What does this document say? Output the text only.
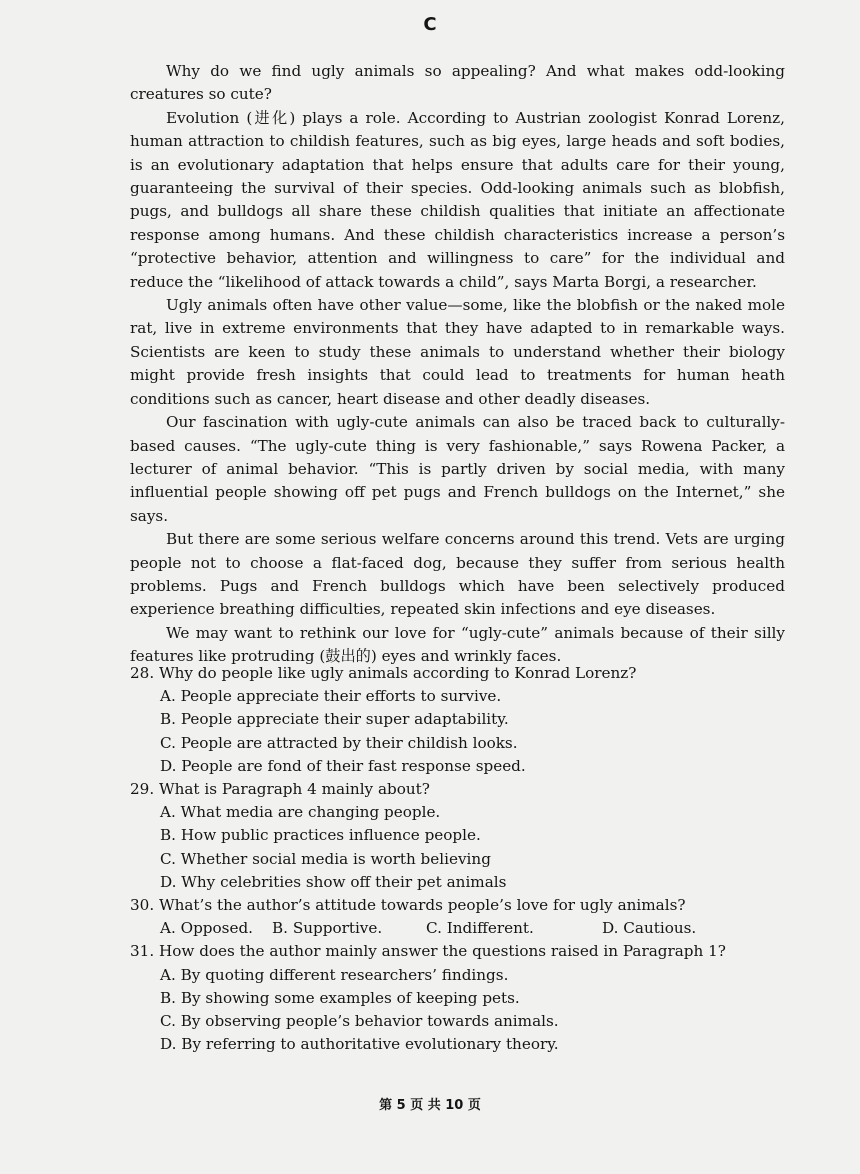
C

Why do we find ugly animals so appealing? And what makes odd-looking creatures so cute?

Evolution (进化) plays a role. According to Austrian zoologist Konrad Lorenz, human attraction to childish features, such as big eyes, large heads and soft bodies, is an evolutionary adaptation that helps ensure that adults care for their young, guaranteeing the survival of their species. Odd-looking animals such as blobfish, pugs, and bulldogs all share these childish qualities that initiate an affectionate response among humans. And these childish characteristics increase a person’s “protective behavior, attention and willingness to care” for the individual and reduce the “likelihood of attack towards a child”, says Marta Borgi, a researcher.

Ugly animals often have other value—some, like the blobfish or the naked mole rat, live in extreme environments that they have adapted to in remarkable ways. Scientists are keen to study these animals to understand whether their biology might provide fresh insights that could lead to treatments for human heath conditions such as cancer, heart disease and other deadly diseases.

Our fascination with ugly-cute animals can also be traced back to culturally-based causes. “The ugly-cute thing is very fashionable,” says Rowena Packer, a lecturer of animal behavior. “This is partly driven by social media, with many influential people showing off pet pugs and French bulldogs on the Internet,” she says.

But there are some serious welfare concerns around this trend. Vets are urging people not to choose a flat-faced dog, because they suffer from serious health problems. Pugs and French bulldogs which have been selectively produced experience breathing difficulties, repeated skin infections and eye diseases.

We may want to rethink our love for “ugly-cute” animals because of their silly features like protruding (鼓出的) eyes and wrinkly faces.

28. Why do people like ugly animals according to Konrad Lorenz?
A. People appreciate their efforts to survive.
B. People appreciate their super adaptability.
C. People are attracted by their childish looks.
D. People are fond of their fast response speed.
29. What is Paragraph 4 mainly about?
A. What media are changing people.
B. How public practices influence people.
C. Whether social media is worth believing
D. Why celebrities show off their pet animals
30. What’s the author’s attitude towards people’s love for ugly animals?
A. Opposed.	B. Supportive.	C. Indifferent.	D. Cautious.
31. How does the author mainly answer the questions raised in Paragraph 1?
A. By quoting different researchers’ findings.
B. By showing some examples of keeping pets.
C. By observing people’s behavior towards animals.
D. By referring to authoritative evolutionary theory.
第 5 页 共 10 页
